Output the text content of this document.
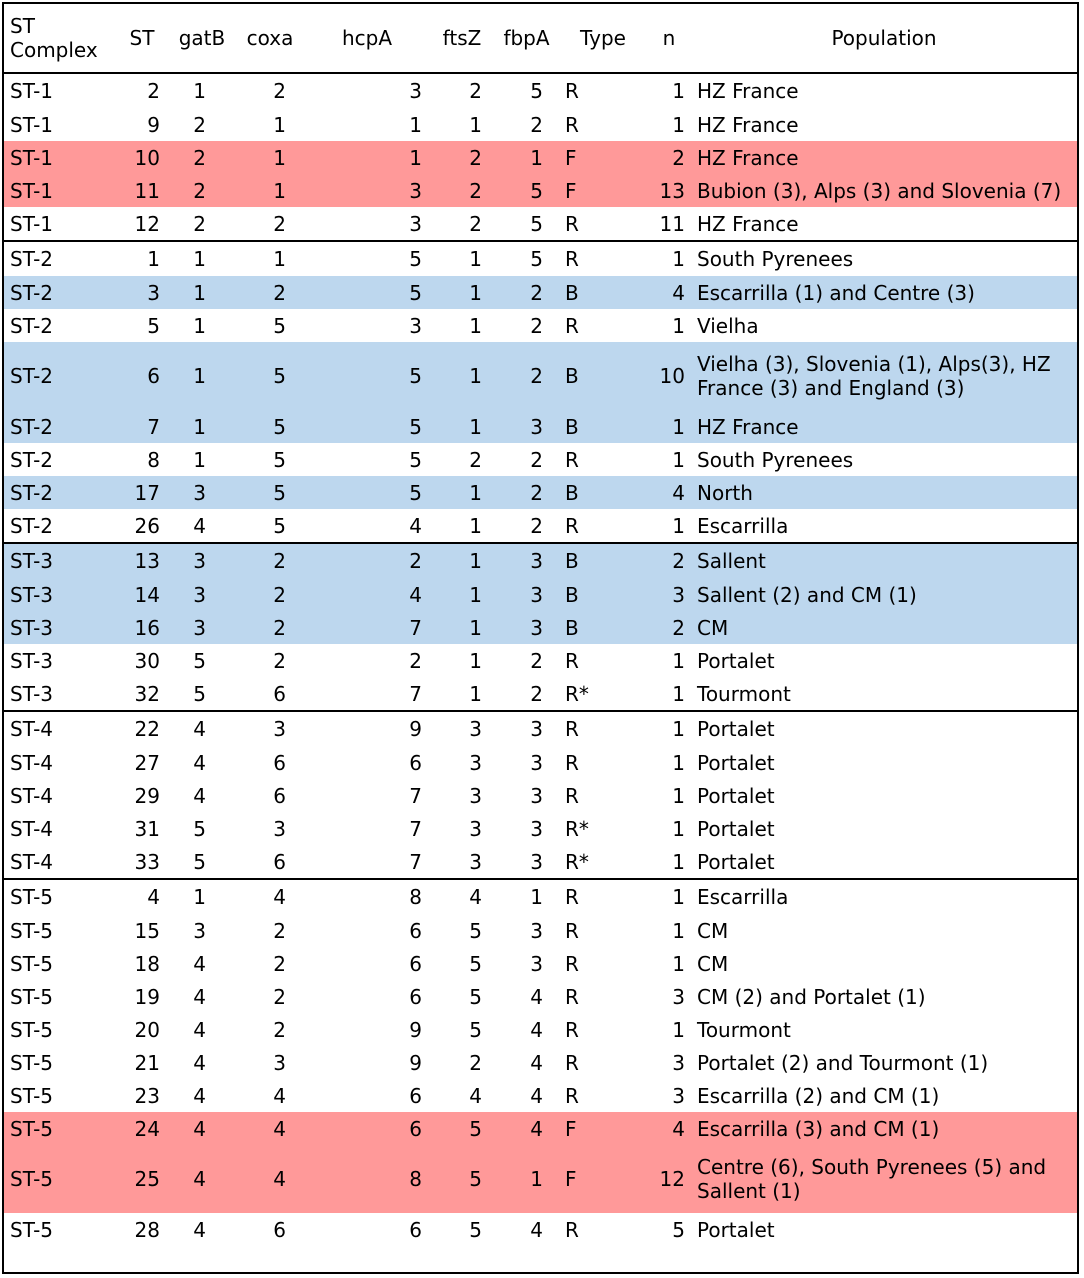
ST Complex	ST	gatB	coxa	hcpA	ftsZ	fbpA	Type	n	Population
ST-1	2	1	2	3	2	5	R	1	HZ France
ST-1	9	2	1	1	1	2	R	1	HZ France
ST-1	10	2	1	1	2	1	F	2	HZ France
ST-1	11	2	1	3	2	5	F	13	Bubion (3), Alps (3) and Slovenia (7)
ST-1	12	2	2	3	2	5	R	11	HZ France
ST-2	1	1	1	5	1	5	R	1	South Pyrenees
ST-2	3	1	2	5	1	2	B	4	Escarrilla (1) and Centre (3)
ST-2	5	1	5	3	1	2	R	1	Vielha
ST-2	6	1	5	5	1	2	B	10	Vielha (3), Slovenia (1), Alps(3), HZ France (3) and England (3)
ST-2	7	1	5	5	1	3	B	1	HZ France
ST-2	8	1	5	5	2	2	R	1	South Pyrenees
ST-2	17	3	5	5	1	2	B	4	North
ST-2	26	4	5	4	1	2	R	1	Escarrilla
ST-3	13	3	2	2	1	3	B	2	Sallent
ST-3	14	3	2	4	1	3	B	3	Sallent (2) and CM (1)
ST-3	16	3	2	7	1	3	B	2	CM
ST-3	30	5	2	2	1	2	R	1	Portalet
ST-3	32	5	6	7	1	2	R*	1	Tourmont
ST-4	22	4	3	9	3	3	R	1	Portalet
ST-4	27	4	6	6	3	3	R	1	Portalet
ST-4	29	4	6	7	3	3	R	1	Portalet
ST-4	31	5	3	7	3	3	R*	1	Portalet
ST-4	33	5	6	7	3	3	R*	1	Portalet
ST-5	4	1	4	8	4	1	R	1	Escarrilla
ST-5	15	3	2	6	5	3	R	1	CM
ST-5	18	4	2	6	5	3	R	1	CM
ST-5	19	4	2	6	5	4	R	3	CM (2) and Portalet (1)
ST-5	20	4	2	9	5	4	R	1	Tourmont
ST-5	21	4	3	9	2	4	R	3	Portalet (2) and Tourmont (1)
ST-5	23	4	4	6	4	4	R	3	Escarrilla (2) and CM (1)
ST-5	24	4	4	6	5	4	F	4	Escarrilla (3) and CM (1)
ST-5	25	4	4	8	5	1	F	12	Centre (6), South Pyrenees (5) and Sallent (1)
ST-5	28	4	6	6	5	4	R	5	Portalet
